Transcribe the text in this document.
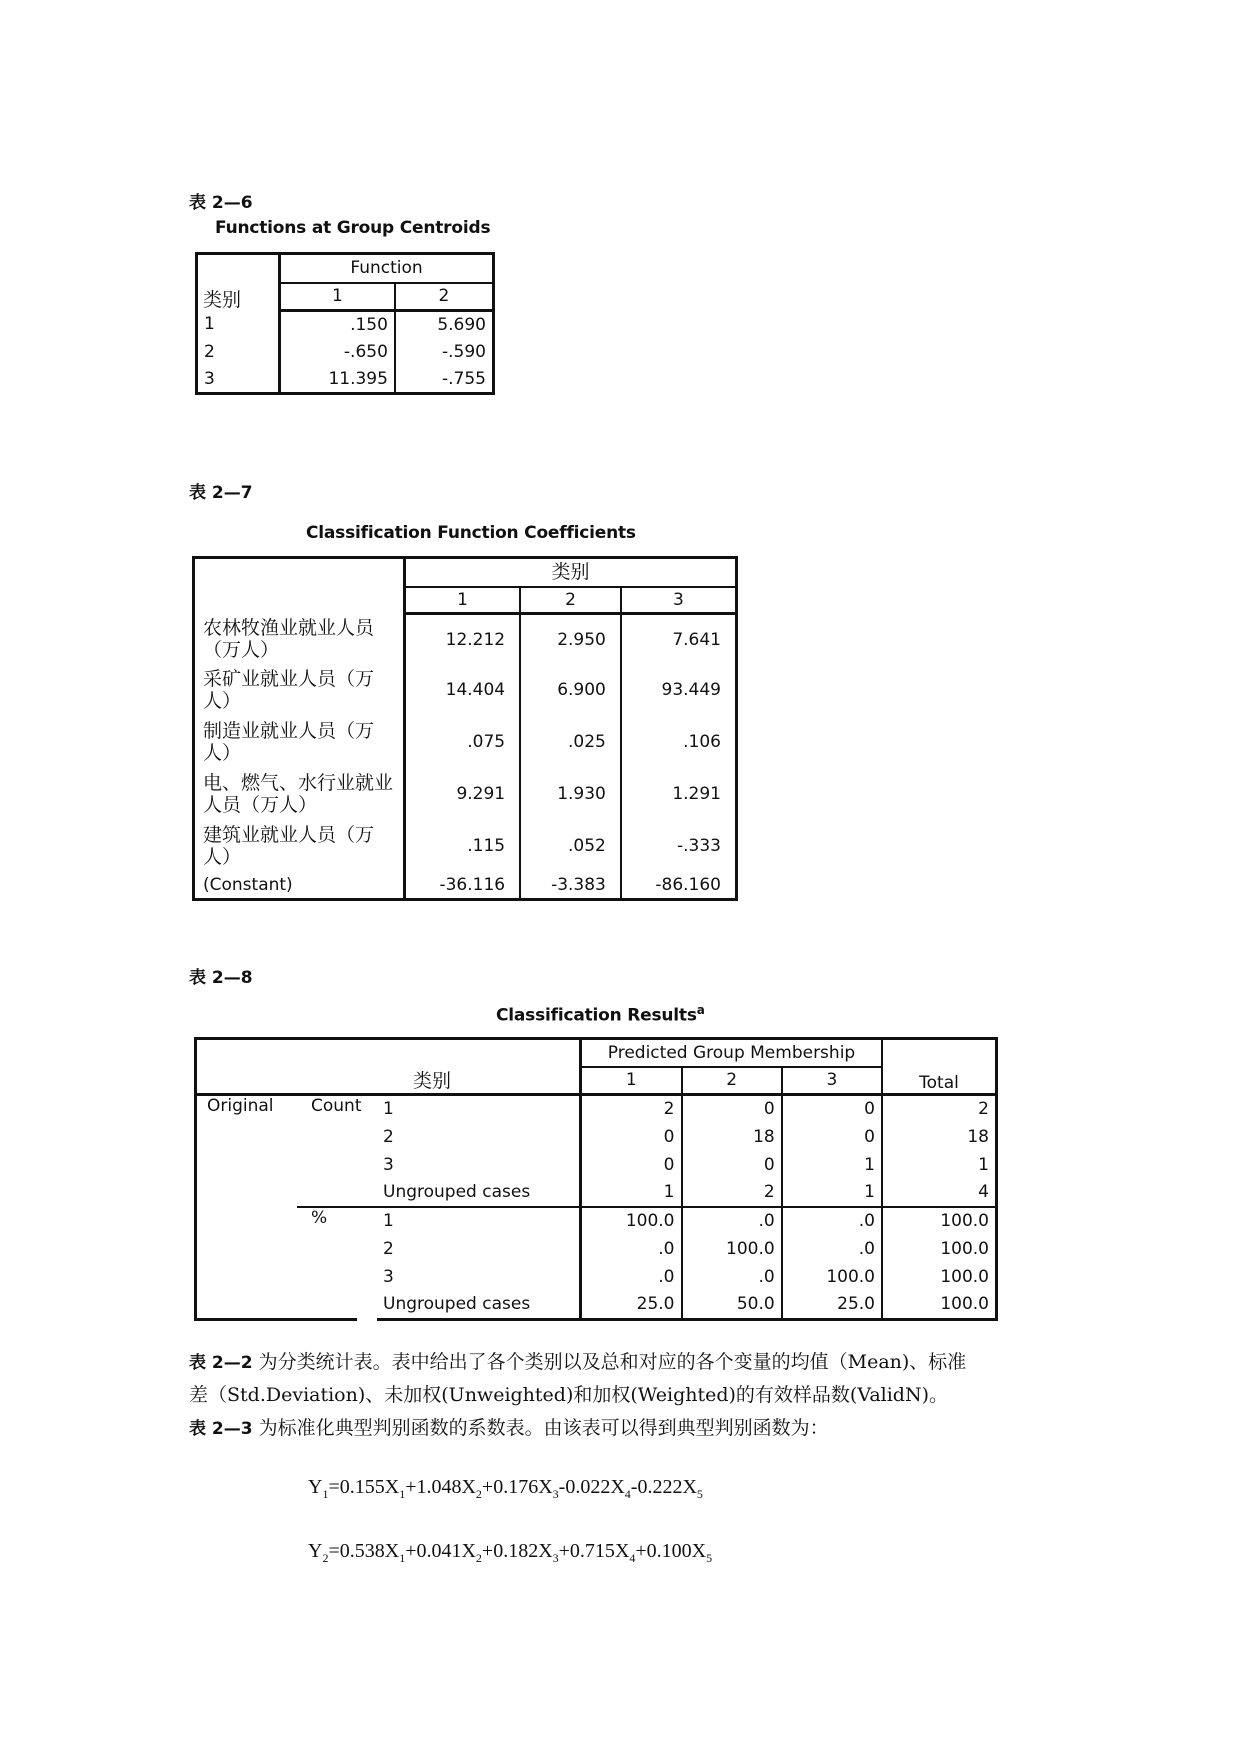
表 2—6
Functions at Group Centroids
	Function	
	1	2
1	.150	5.690
2	-.650	-.590
3	11.395	-.755
类别
表 2—7
Classification Function Coefficients
	类别		
	1	2	3
农林牧渔业就业人员（万人）	12.212	2.950	7.641
采矿业就业人员（万人）	14.404	6.900	93.449
制造业就业人员（万人）	.075	.025	.106
电、燃气、水行业就业人员（万人）	9.291	1.930	1.291
建筑业就业人员（万人）	.115	.052	-.333
(Constant)	-36.116	-3.383	-86.160
表 2—8
Classification Results$^a$
		类别	Predicted Group Membership			Total
			1	2	3	
Original	Count	1	2	0	0	2
		2	0	18	0	18
		3	0	0	1	1
		Ungrouped cases	1	2	1	4
	%	1	100.0	.0	.0	100.0
		2	.0	100.0	.0	100.0
		3	.0	.0	100.0	100.0
		Ungrouped cases	25.0	50.0	25.0	100.0
表 2—2 为分类统计表。表中给出了各个类别以及总和对应的各个变量的均值（Mean)、标准
差（Std.Deviation)、未加权(Unweighted)和加权(Weighted)的有效样品数(ValidN)。
表 2—3 为标准化典型判别函数的系数表。由该表可以得到典型判别函数为：
$Y_1=0.155X_1+1.048X_2+0.176X_3-0.022X_4-0.222X_5$
$Y_2=0.538X_1+0.041X_2+0.182X_3+0.715X_4+0.100X_5$
